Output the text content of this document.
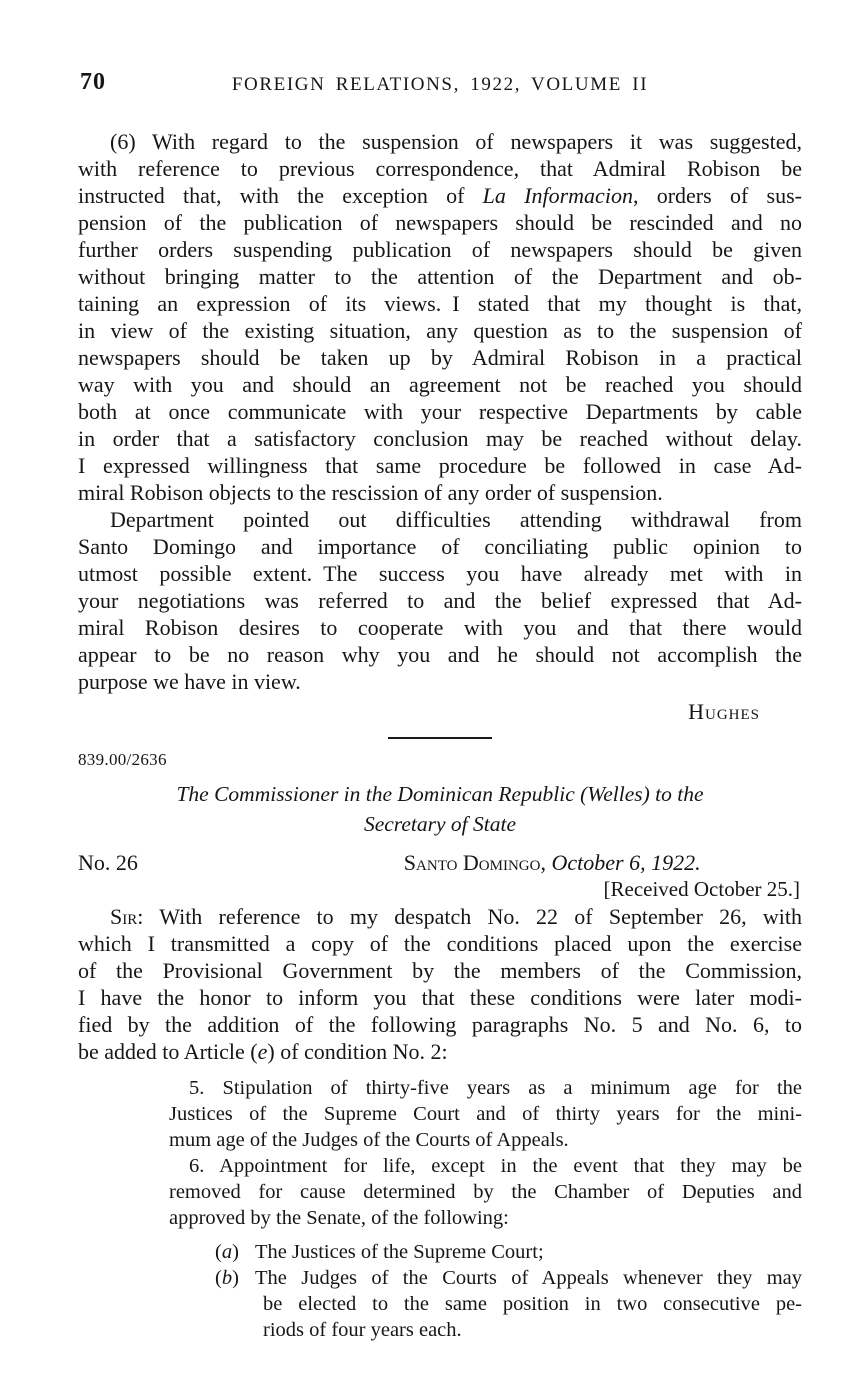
70	FOREIGN RELATIONS, 1922, VOLUME II
(6) With regard to the suspension of newspapers it was suggested,
with reference to previous correspondence, that Admiral Robison be
instructed that, with the exception of La Informacion, orders of sus-
pension of the publication of newspapers should be rescinded and no
further orders suspending publication of newspapers should be given
without bringing matter to the attention of the Department and ob-
taining an expression of its views. I stated that my thought is that,
in view of the existing situation, any question as to the suspension of
newspapers should be taken up by Admiral Robison in a practical
way with you and should an agreement not be reached you should
both at once communicate with your respective Departments by cable
in order that a satisfactory conclusion may be reached without delay.
I expressed willingness that same procedure be followed in case Ad-
miral Robison objects to the rescission of any order of suspension.
Department pointed out difficulties attending withdrawal from
Santo Domingo and importance of conciliating public opinion to
utmost possible extent. The success you have already met with in
your negotiations was referred to and the belief expressed that Ad-
miral Robison desires to cooperate with you and that there would
appear to be no reason why you and he should not accomplish the
purpose we have in view.
Hughes
839.00/2636
The Commissioner in the Dominican Republic (Welles) to the
Secretary of State
No. 26	Santo Domingo, October 6, 1922.
[Received October 25.]
Sir: With reference to my despatch No. 22 of September 26, with
which I transmitted a copy of the conditions placed upon the exercise
of the Provisional Government by the members of the Commission,
I have the honor to inform you that these conditions were later modi-
fied by the addition of the following paragraphs No. 5 and No. 6, to
be added to Article (e) of condition No. 2:
5. Stipulation of thirty-five years as a minimum age for the
Justices of the Supreme Court and of thirty years for the mini-
mum age of the Judges of the Courts of Appeals.
6. Appointment for life, except in the event that they may be
removed for cause determined by the Chamber of Deputies and
approved by the Senate, of the following:
(a) The Justices of the Supreme Court;
(b) The Judges of the Courts of Appeals whenever they may
be elected to the same position in two consecutive pe-
riods of four years each.
